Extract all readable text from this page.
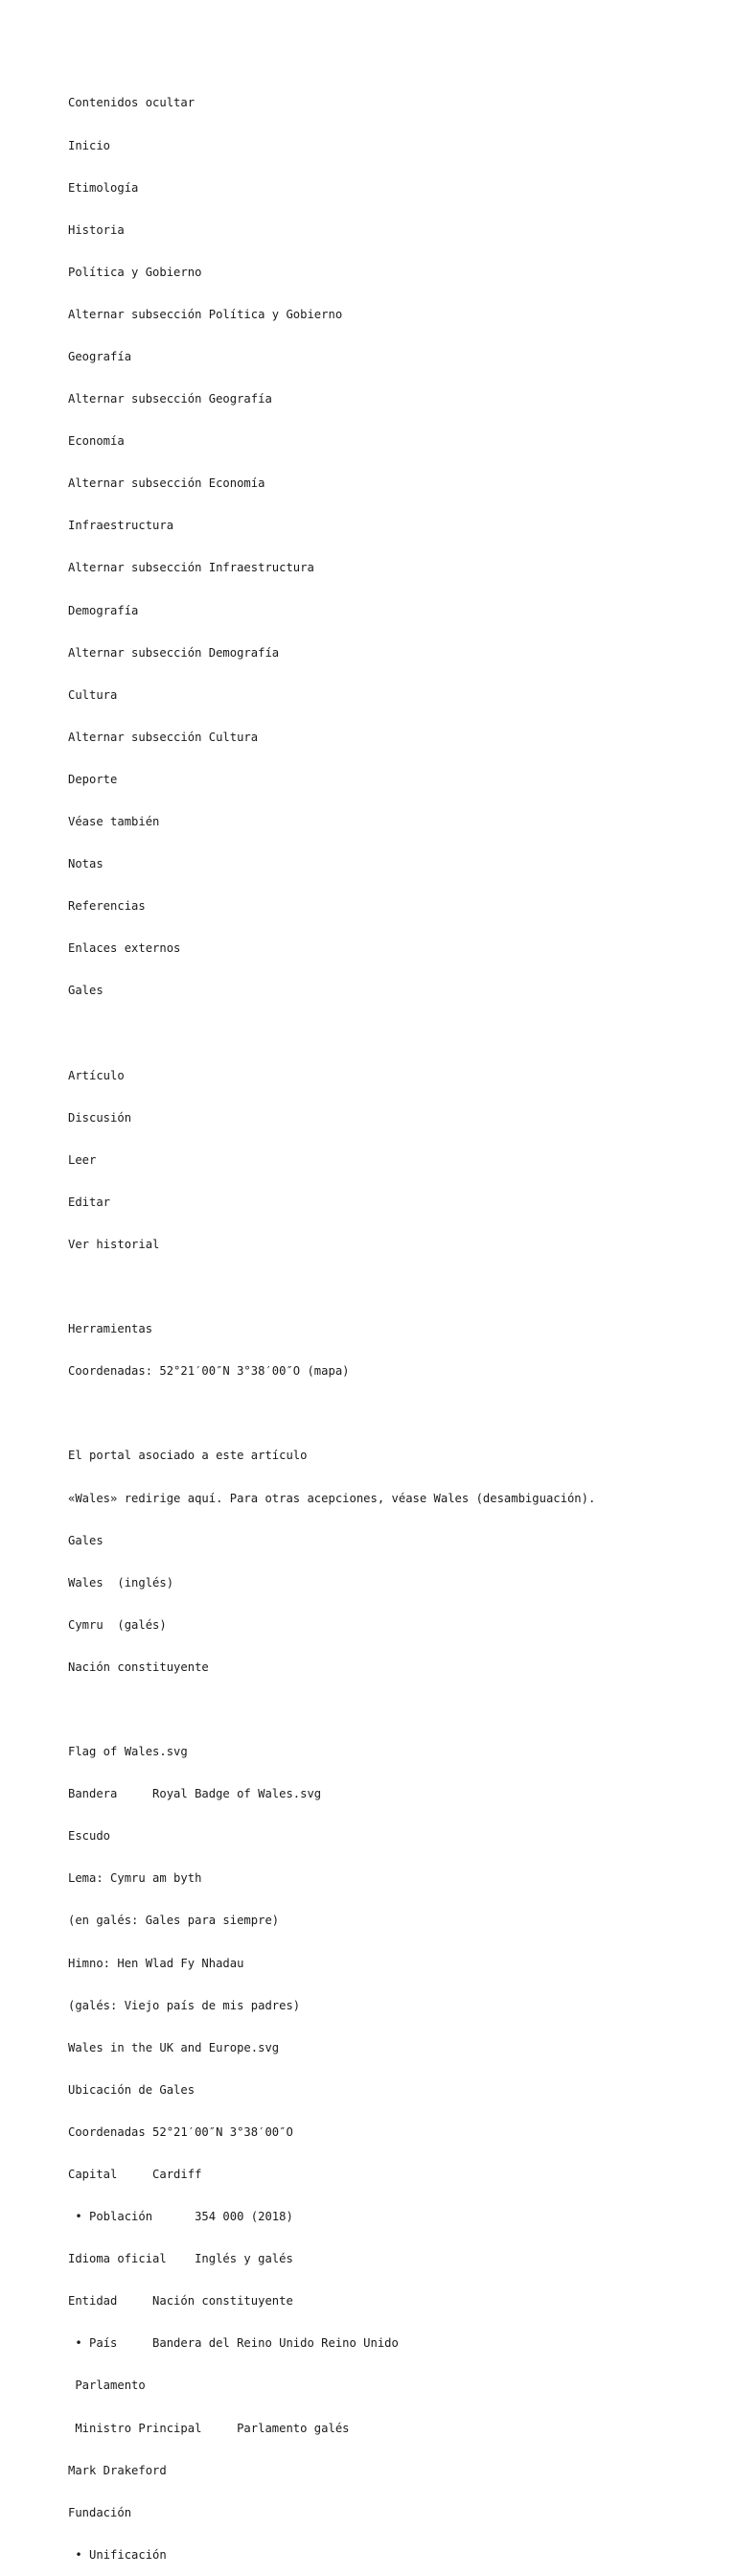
Contenidos ocultar

Inicio

Etimología

Historia

Política y Gobierno

Alternar subsección Política y Gobierno

Geografía

Alternar subsección Geografía

Economía

Alternar subsección Economía

Infraestructura

Alternar subsección Infraestructura

Demografía

Alternar subsección Demografía

Cultura

Alternar subsección Cultura

Deporte

Véase también

Notas

Referencias

Enlaces externos

Gales

Artículo

Discusión

Leer

Editar

Ver historial

Herramientas

Coordenadas: 52°21′00″N 3°38′00″O (mapa)

El portal asociado a este artículo

«Wales» redirige aquí. Para otras acepciones, véase Wales (desambiguación).

Gales

Wales  (inglés)

Cymru  (galés)

Nación constituyente

Flag of Wales.svg

Bandera     Royal Badge of Wales.svg

Escudo

Lema: Cymru am byth

(en galés: Gales para siempre)

Himno: Hen Wlad Fy Nhadau

(galés: Viejo país de mis padres)

Wales in the UK and Europe.svg

Ubicación de Gales

Coordenadas 52°21′00″N 3°38′00″O

Capital     Cardiff

• Población      354 000 (2018)

Idioma oficial    Inglés y galés

Entidad     Nación constituyente

• País     Bandera del Reino Unido Reino Unido

Parlamento

Ministro Principal     Parlamento galés

Mark Drakeford

Fundación

• Unificación
